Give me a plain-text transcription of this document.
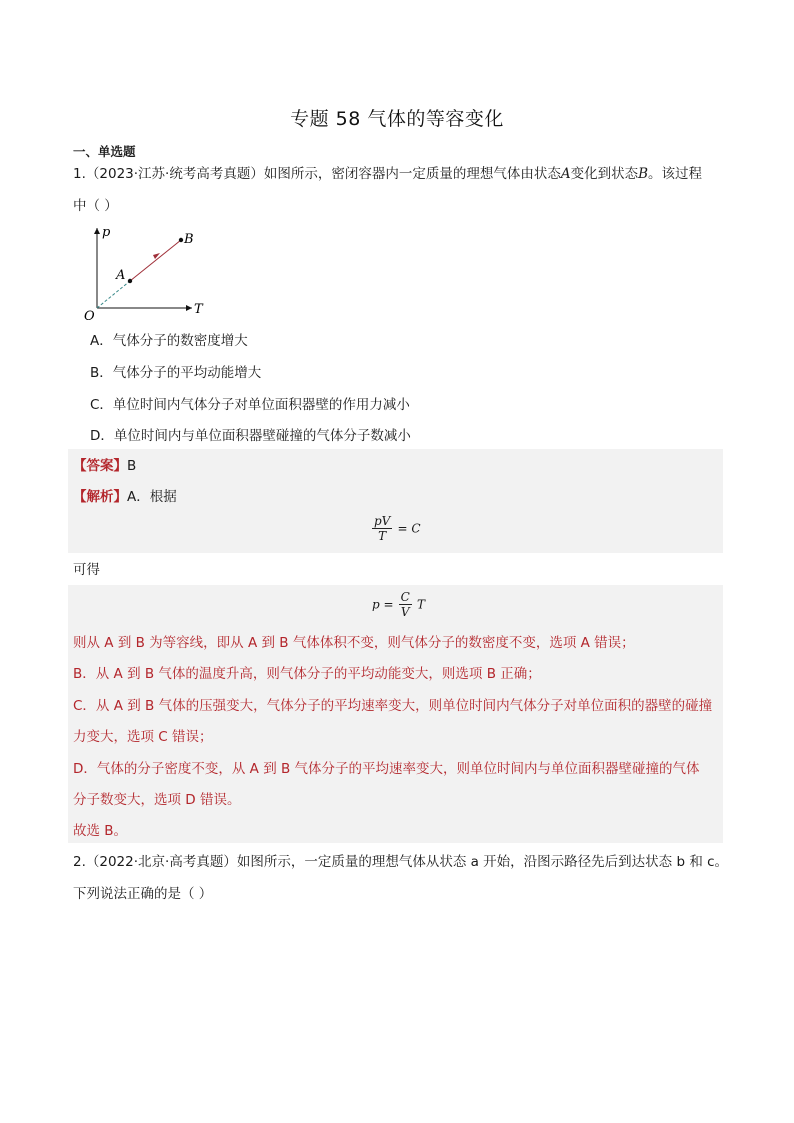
专题 58 气体的等容变化
一、单选题
1.（2023·江苏·统考高考真题）如图所示，密闭容器内一定质量的理想气体由状态A变化到状态B。该过程
中（ ）
p
T
O
A
B
A．气体分子的数密度增大
B．气体分子的平均动能增大
C．单位时间内气体分子对单位面积器壁的作用力减小
D．单位时间内与单位面积器壁碰撞的气体分子数减小
【答案】B
【解析】A．根据
$\frac{pV}{T} = C$
可得
$p = \frac{C}{V}$ T
则从 A 到 B 为等容线，即从 A 到 B 气体体积不变，则气体分子的数密度不变，选项 A 错误；
B．从 A 到 B 气体的温度升高，则气体分子的平均动能变大，则选项 B 正确；
C．从 A 到 B 气体的压强变大，气体分子的平均速率变大，则单位时间内气体分子对单位面积的器壁的碰撞
力变大，选项 C 错误；
D．气体的分子密度不变，从 A 到 B 气体分子的平均速率变大，则单位时间内与单位面积器壁碰撞的气体
分子数变大，选项 D 错误。
故选 B。
2.（2022·北京·高考真题）如图所示，一定质量的理想气体从状态 a 开始，沿图示路径先后到达状态 b 和 c。
下列说法正确的是（ ）
